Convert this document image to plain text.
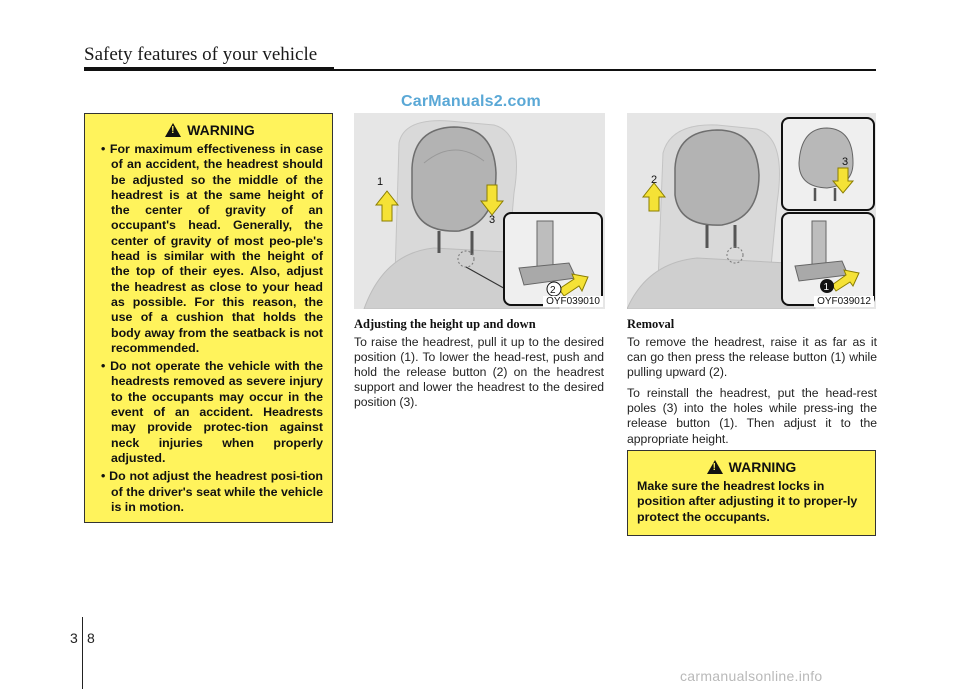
Safety features of your vehicle
CarManuals2.com
!
WARNING
• For maximum effectiveness in case of an accident, the headrest should be adjusted so the middle of the headrest is at the same height of the center of gravity of an occupant's head. Generally, the center of gravity of most peo-ple's head is similar with the height of the top of their eyes. Also, adjust the headrest as close to your head as possible. For this reason, the use of a cushion that holds the body away from the seatback is not recommended.
• Do not operate the vehicle with the headrests removed as severe injury to the occupants may occur in the event of an accident. Headrests may provide protec-tion against neck injuries when properly adjusted.
• Do not adjust the headrest posi-tion of the driver's seat while the vehicle is in motion.
1
3
2
OYF039010
2
3
1
OYF039012

Adjusting the height up and down

To raise the headrest, pull it up to the desired position (1). To lower the head-rest, push and hold the release button (2) on the headrest support and lower the headrest to the desired position (3).

Removal

To remove the headrest, raise it as far as it can go then press the release button (1) while pulling upward (2).

To reinstall the headrest, put the head-rest poles (3) into the holes while press-ing the release button (1). Then adjust it to the appropriate height.

!
WARNING

Make sure the headrest locks in position after adjusting it to proper-ly protect the occupants.

3 8
carmanualsonline.info
